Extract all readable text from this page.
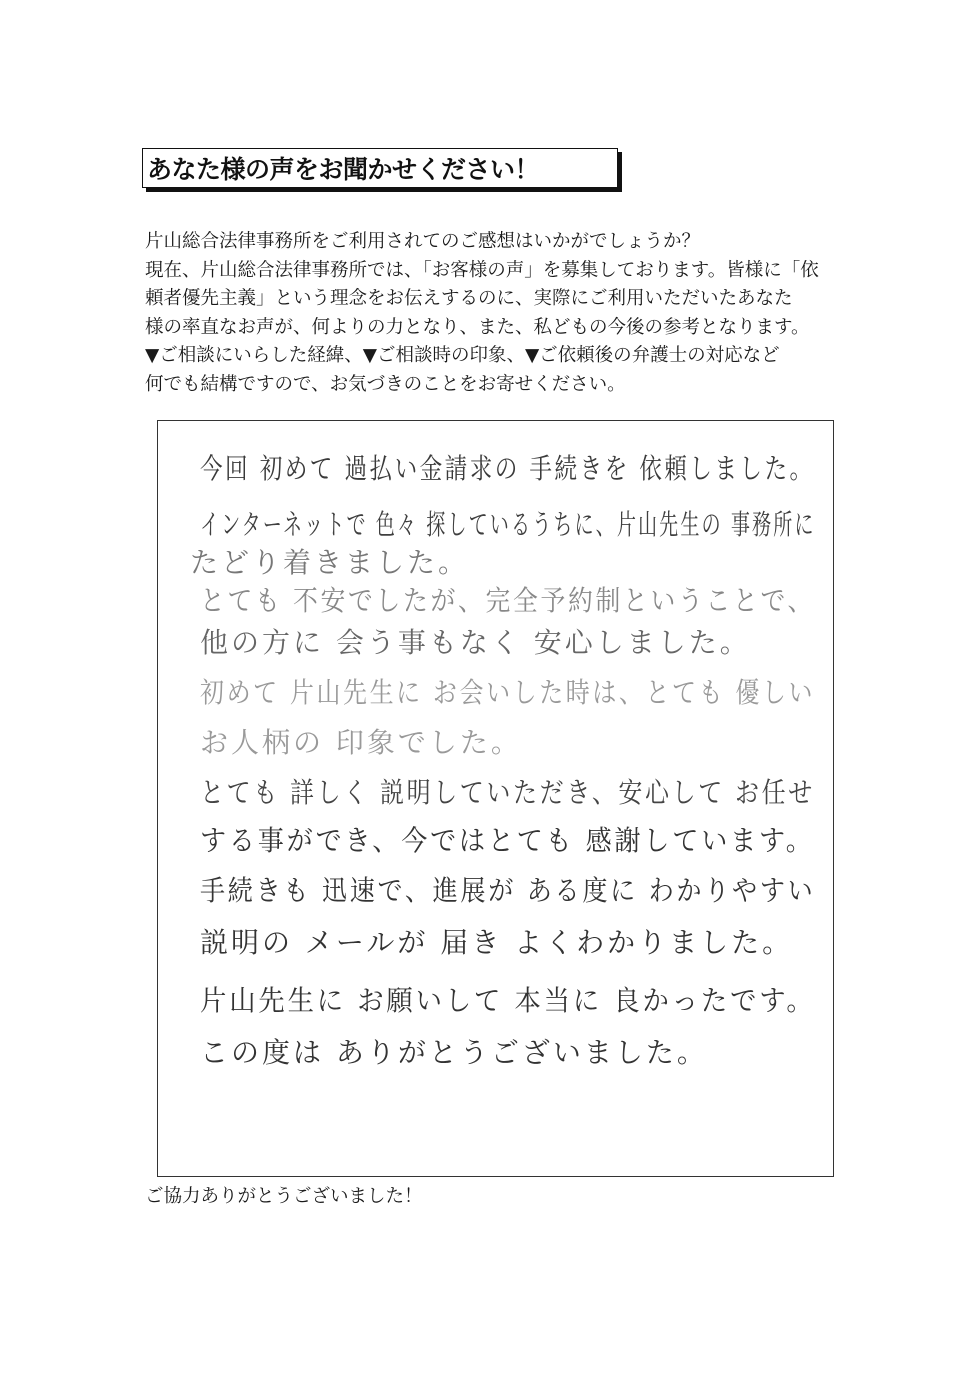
あなた様の声をお聞かせください！
片山総合法律事務所をご利用されてのご感想はいかがでしょうか？
現在、片山総合法律事務所では、「お客様の声」を募集しております。皆様に「依
頼者優先主義」という理念をお伝えするのに、実際にご利用いただいたあなた
様の率直なお声が、何よりの力となり、また、私どもの今後の参考となります。
▼ご相談にいらした経緯、▼ご相談時の印象、▼ご依頼後の弁護士の対応など
何でも結構ですので、お気づきのことをお寄せください。
今回 初めて 過払い金請求の 手続きを 依頼しました。
インターネットで 色々 探しているうちに、片山先生の 事務所に
たどり着きました。
とても 不安でしたが、完全予約制ということで、
他の方に 会う事もなく 安心しました。
初めて 片山先生に お会いした時は、とても 優しい
お人柄の 印象でした。
とても 詳しく 説明していただき、安心して お任せ
する事ができ、今ではとても 感謝しています。
手続きも 迅速で、進展が ある度に わかりやすい
説明の メールが 届き よくわかりました。
片山先生に お願いして 本当に 良かったです。
この度は ありがとうございました。
ご協力ありがとうございました！
